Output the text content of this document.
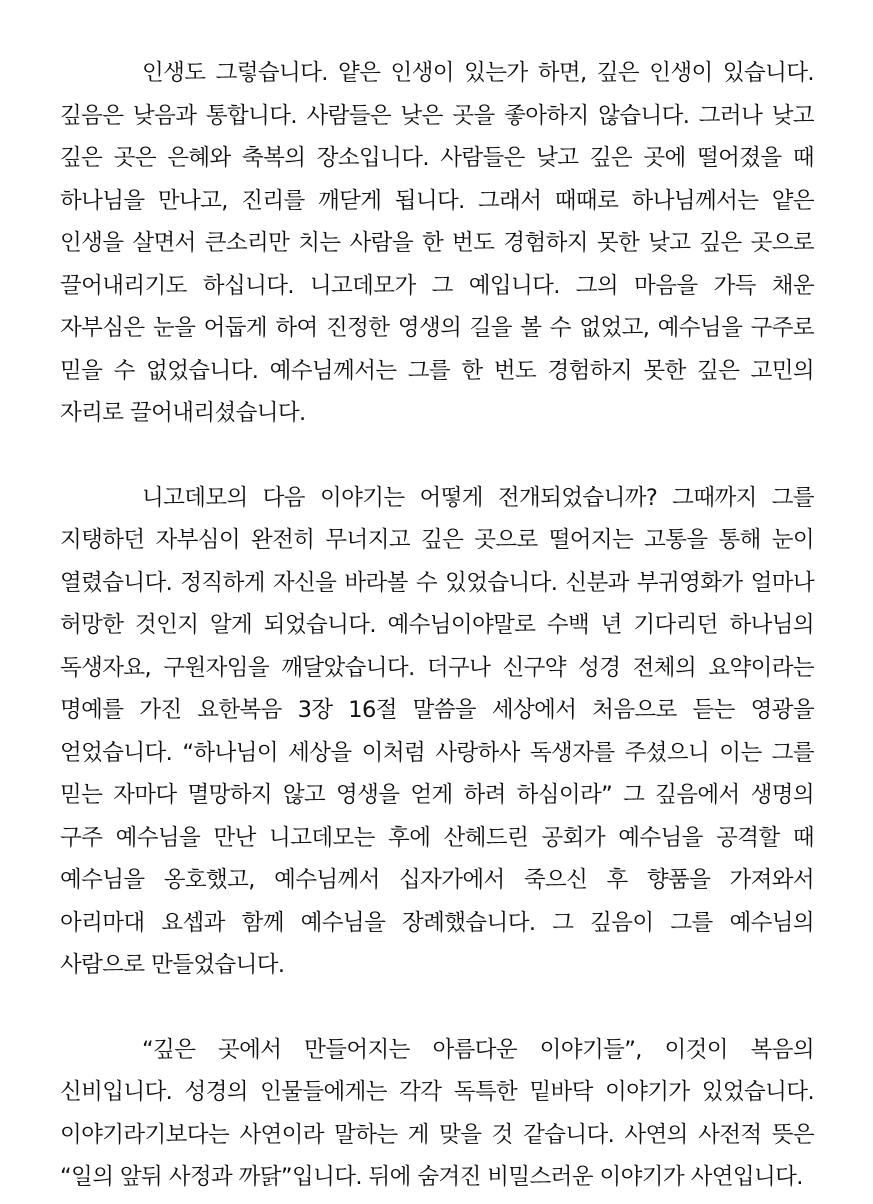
인생도 그렇습니다. 얕은 인생이 있는가 하면, 깊은 인생이 있습니다. 깊음은 낮음과 통합니다. 사람들은 낮은 곳을 좋아하지 않습니다. 그러나 낮고 깊은 곳은 은혜와 축복의 장소입니다. 사람들은 낮고 깊은 곳에 떨어졌을 때 하나님을 만나고, 진리를 깨닫게 됩니다. 그래서 때때로 하나님께서는 얕은 인생을 살면서 큰소리만 치는 사람을 한 번도 경험하지 못한 낮고 깊은 곳으로 끌어내리기도 하십니다. 니고데모가 그 예입니다. 그의 마음을 가득 채운 자부심은 눈을 어둡게 하여 진정한 영생의 길을 볼 수 없었고, 예수님을 구주로 믿을 수 없었습니다. 예수님께서는 그를 한 번도 경험하지 못한 깊은 고민의 자리로 끌어내리셨습니다.

니고데모의 다음 이야기는 어떻게 전개되었습니까? 그때까지 그를 지탱하던 자부심이 완전히 무너지고 깊은 곳으로 떨어지는 고통을 통해 눈이 열렸습니다. 정직하게 자신을 바라볼 수 있었습니다. 신분과 부귀영화가 얼마나 허망한 것인지 알게 되었습니다. 예수님이야말로 수백 년 기다리던 하나님의 독생자요, 구원자임을 깨달았습니다. 더구나 신구약 성경 전체의 요약이라는 명예를 가진 요한복음 3장 16절 말씀을 세상에서 처음으로 듣는 영광을 얻었습니다. “하나님이 세상을 이처럼 사랑하사 독생자를 주셨으니 이는 그를 믿는 자마다 멸망하지 않고 영생을 얻게 하려 하심이라” 그 깊음에서 생명의 구주 예수님을 만난 니고데모는 후에 산헤드린 공회가 예수님을 공격할 때 예수님을 옹호했고, 예수님께서 십자가에서 죽으신 후 향품을 가져와서 아리마대 요셉과 함께 예수님을 장례했습니다. 그 깊음이 그를 예수님의 사람으로 만들었습니다.

“깊은 곳에서 만들어지는 아름다운 이야기들”, 이것이 복음의 신비입니다. 성경의 인물들에게는 각각 독특한 밑바닥 이야기가 있었습니다. 이야기라기보다는 사연이라 말하는 게 맞을 것 같습니다. 사연의 사전적 뜻은 “일의 앞뒤 사정과 까닭”입니다. 뒤에 숨겨진 비밀스러운 이야기가 사연입니다.
